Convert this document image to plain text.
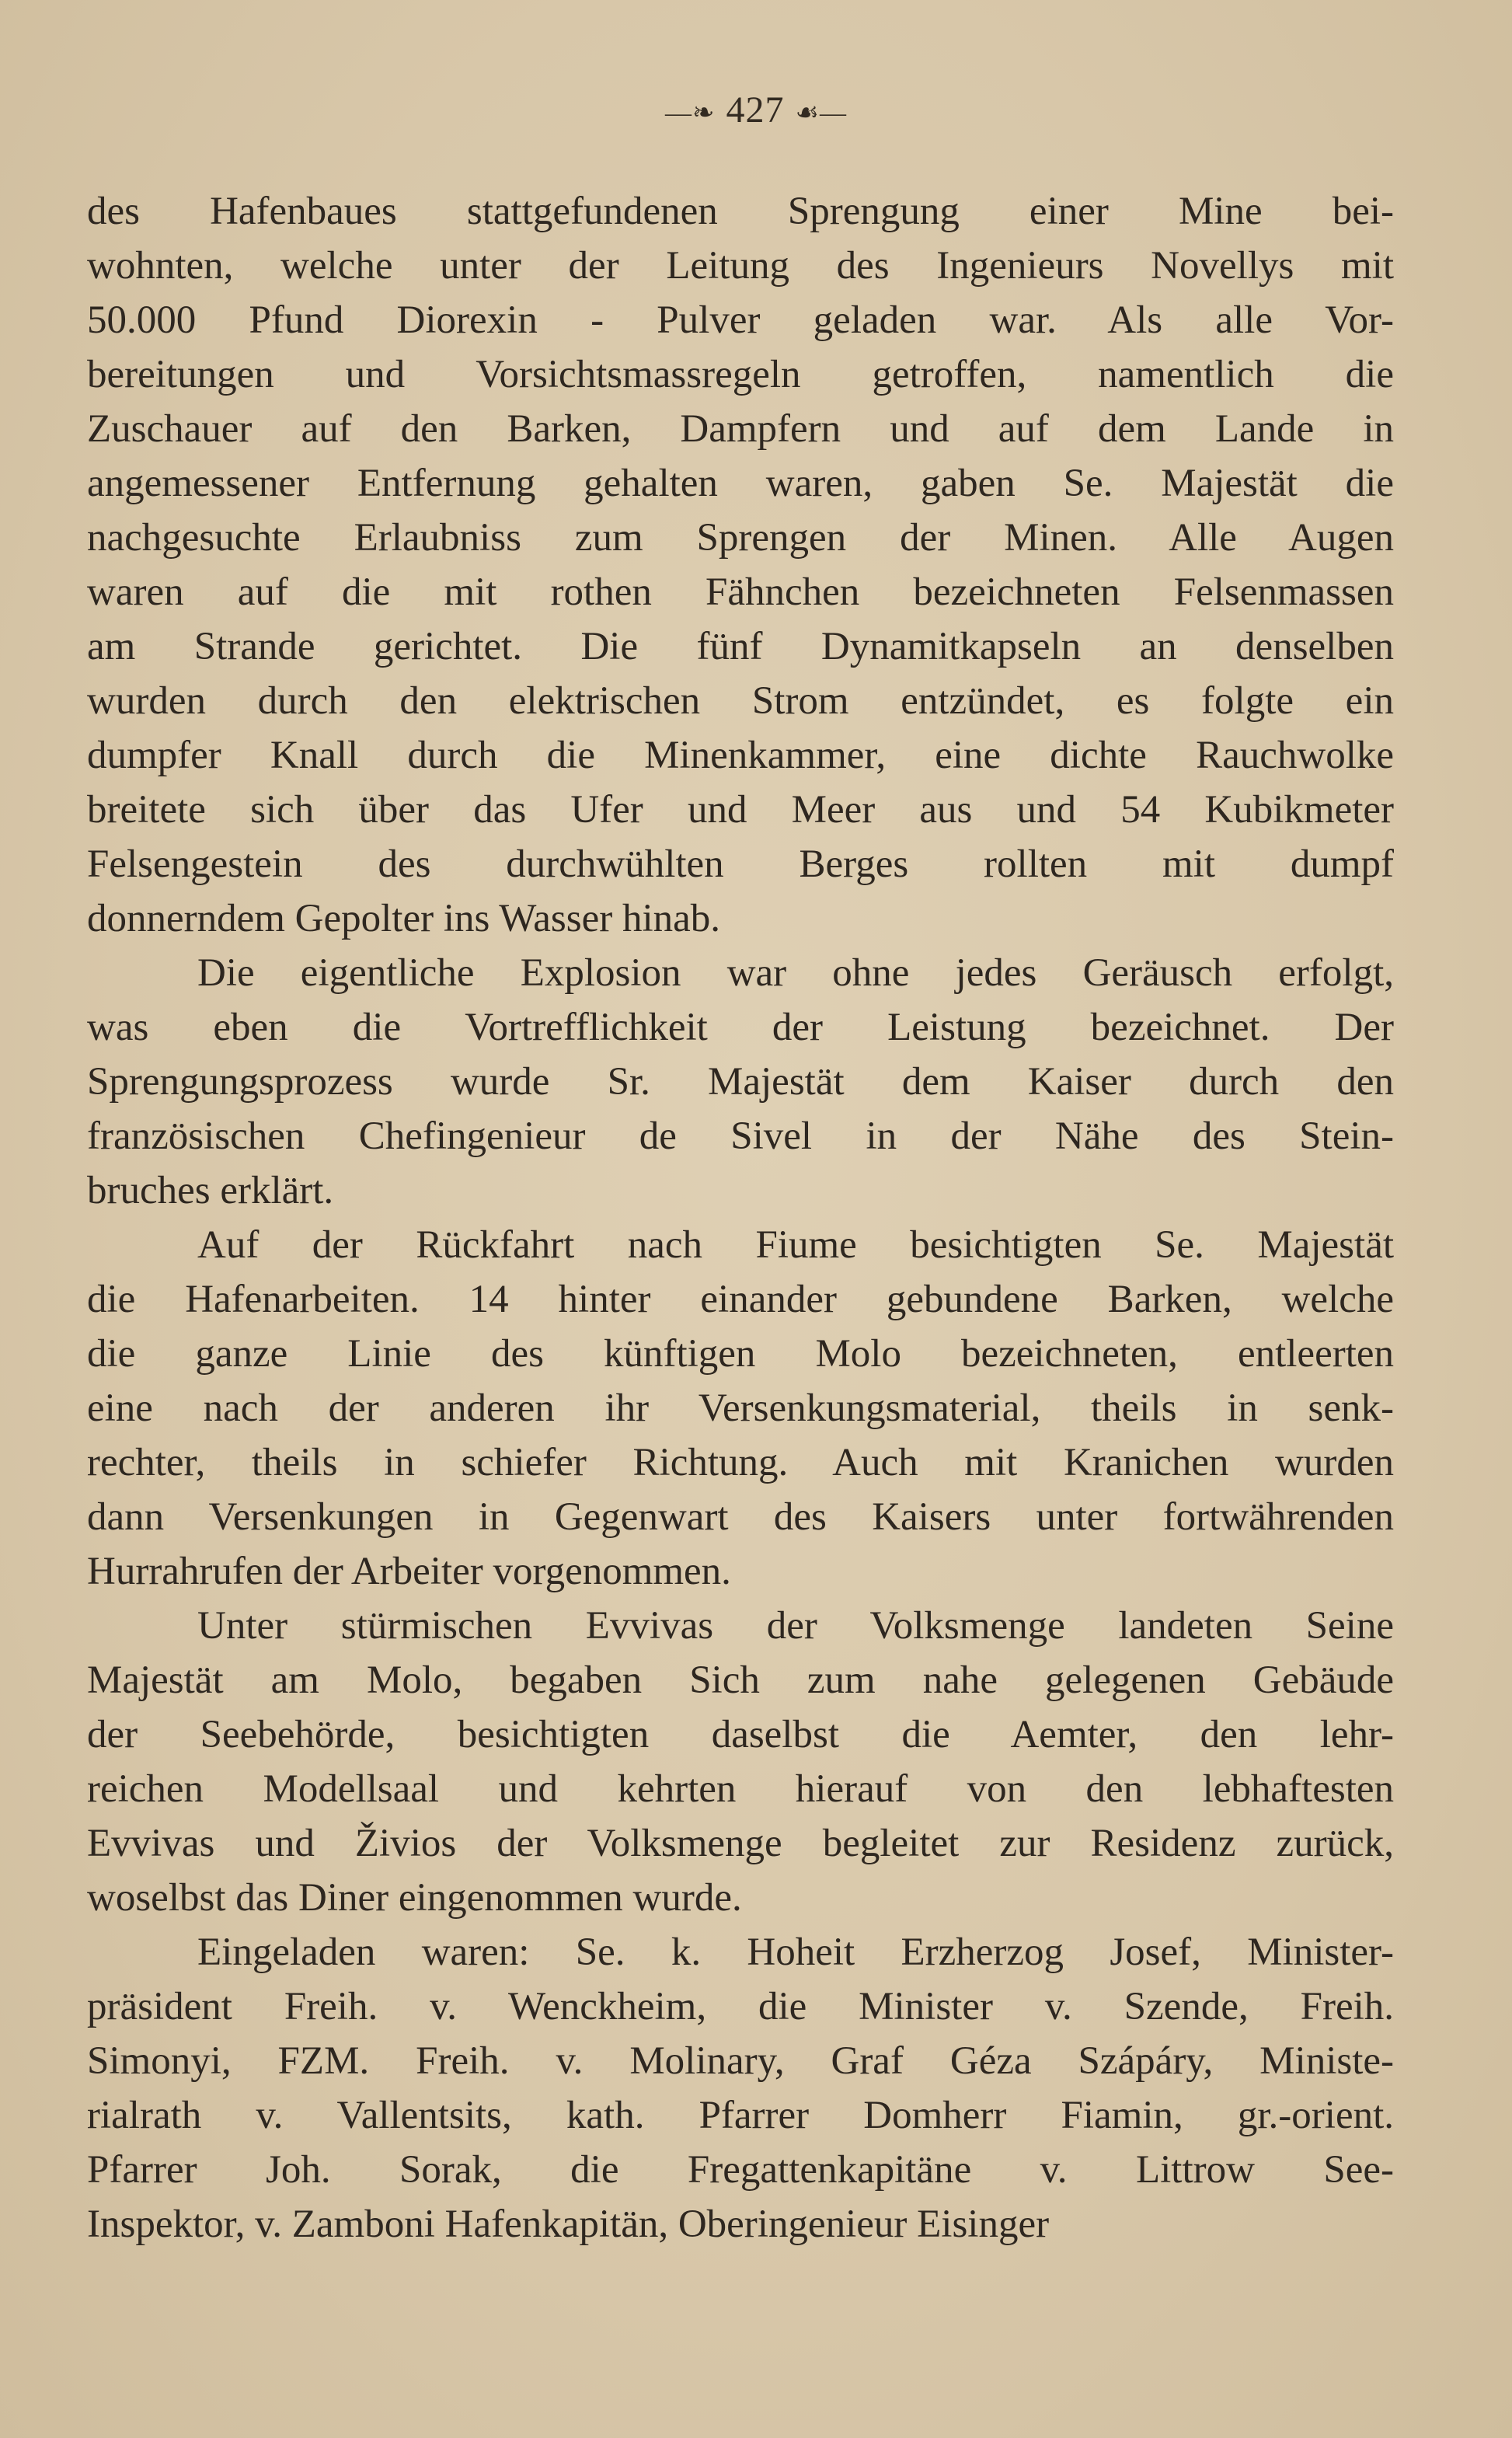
—❧ 427 ☙—
des Hafenbaues stattgefundenen Sprengung einer Mine bei-
wohnten, welche unter der Leitung des Ingenieurs Novellys mit
50.000 Pfund Diorexin - Pulver geladen war. Als alle Vor-
bereitungen und Vorsichtsmassregeln getroffen, namentlich die
Zuschauer auf den Barken, Dampfern und auf dem Lande in
angemessener Entfernung gehalten waren, gaben Se. Majestät die
nachgesuchte Erlaubniss zum Sprengen der Minen. Alle Augen
waren auf die mit rothen Fähnchen bezeichneten Felsenmassen
am Strande gerichtet. Die fünf Dynamitkapseln an denselben
wurden durch den elektrischen Strom entzündet, es folgte ein
dumpfer Knall durch die Minenkammer, eine dichte Rauchwolke
breitete sich über das Ufer und Meer aus und 54 Kubikmeter
Felsengestein des durchwühlten Berges rollten mit dumpf
donnerndem Gepolter ins Wasser hinab.
Die eigentliche Explosion war ohne jedes Geräusch erfolgt,
was eben die Vortrefflichkeit der Leistung bezeichnet. Der
Sprengungsprozess wurde Sr. Majestät dem Kaiser durch den
französischen Chefingenieur de Sivel in der Nähe des Stein-
bruches erklärt.
Auf der Rückfahrt nach Fiume besichtigten Se. Majestät
die Hafenarbeiten. 14 hinter einander gebundene Barken, welche
die ganze Linie des künftigen Molo bezeichneten, entleerten
eine nach der anderen ihr Versenkungsmaterial, theils in senk-
rechter, theils in schiefer Richtung. Auch mit Kranichen wurden
dann Versenkungen in Gegenwart des Kaisers unter fortwährenden
Hurrahrufen der Arbeiter vorgenommen.
Unter stürmischen Evvivas der Volksmenge landeten Seine
Majestät am Molo, begaben Sich zum nahe gelegenen Gebäude
der Seebehörde, besichtigten daselbst die Aemter, den lehr-
reichen Modellsaal und kehrten hierauf von den lebhaftesten
Evvivas und Živios der Volksmenge begleitet zur Residenz zurück,
woselbst das Diner eingenommen wurde.
Eingeladen waren: Se. k. Hoheit Erzherzog Josef, Minister-
präsident Freih. v. Wenckheim, die Minister v. Szende, Freih.
Simonyi, FZM. Freih. v. Molinary, Graf Géza Szápáry, Ministe-
rialrath v. Vallentsits, kath. Pfarrer Domherr Fiamin, gr.-orient.
Pfarrer Joh. Sorak, die Fregattenkapitäne v. Littrow See-
Inspektor, v. Zamboni Hafenkapitän, Oberingenieur Eisinger
